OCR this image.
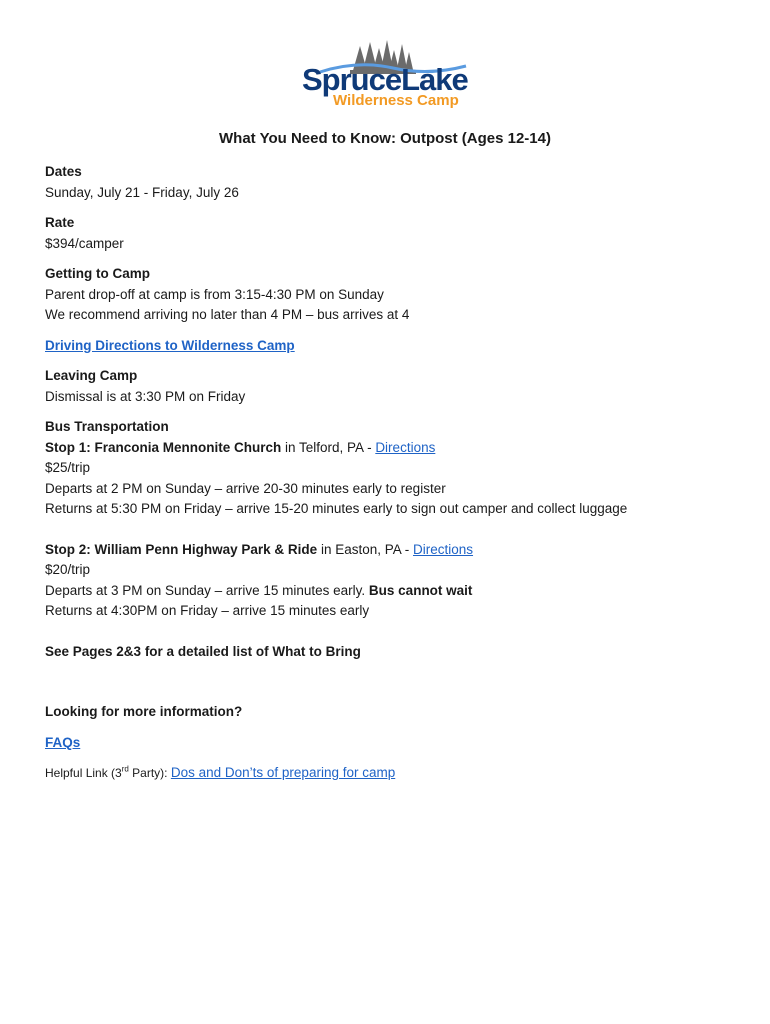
SpruceLake
Wilderness Camp
What You Need to Know: Outpost (Ages 12-14)
Dates
Sunday, July 21 - Friday, July 26
Rate
$394/camper
Getting to Camp
Parent drop-off at camp is from 3:15-4:30 PM on Sunday
We recommend arriving no later than 4 PM – bus arrives at 4
Driving Directions to Wilderness Camp
Leaving Camp
Dismissal is at 3:30 PM on Friday
Bus Transportation
Stop 1: Franconia Mennonite Church in Telford, PA - Directions
$25/trip
Departs at 2 PM on Sunday – arrive 20-30 minutes early to register
Returns at 5:30 PM on Friday – arrive 15-20 minutes early to sign out camper and collect luggage
Stop 2: William Penn Highway Park & Ride in Easton, PA - Directions
$20/trip
Departs at 3 PM on Sunday – arrive 15 minutes early. Bus cannot wait
Returns at 4:30PM on Friday – arrive 15 minutes early
See Pages 2&3 for a detailed list of What to Bring
Looking for more information?
FAQs
Helpful Link (3rd Party): Dos and Don’ts of preparing for camp
